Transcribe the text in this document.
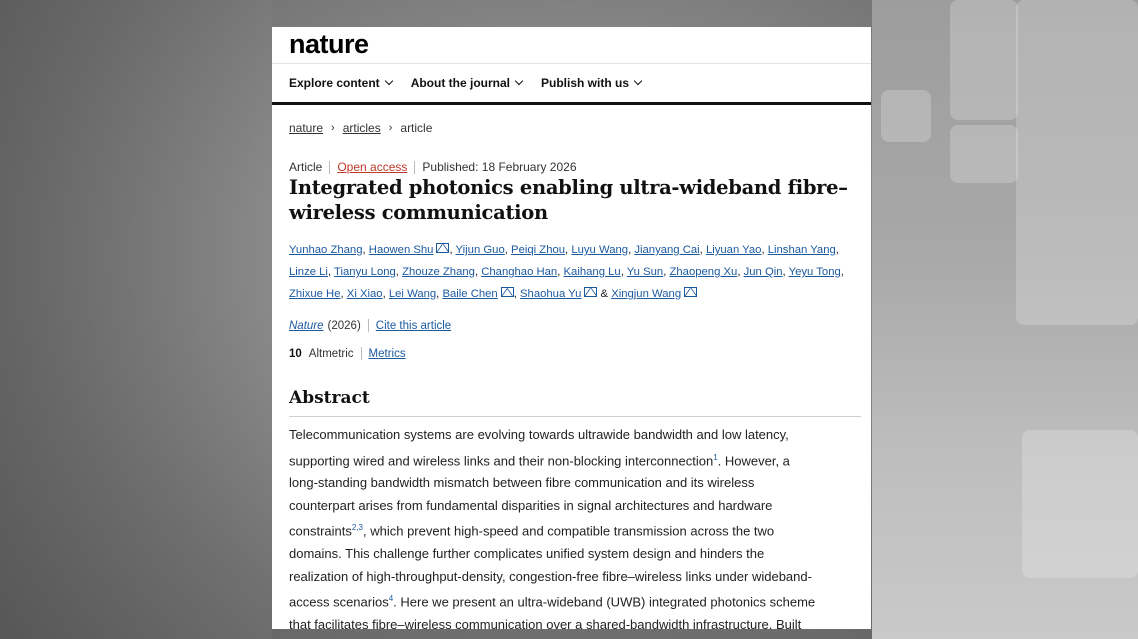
nature
Explore content	About the journal	Publish with us
nature › articles › article
Article Open access Published: 18 February 2026
Integrated photonics enabling ultra-wideband fibre–wireless communication
Yunhao Zhang, Haowen Shu , Yijun Guo, Peiqi Zhou, Luyu Wang, Jianyang Cai, Liyuan Yao, Linshan Yang,
Linze Li, Tianyu Long, Zhouze Zhang, Changhao Han, Kaihang Lu, Yu Sun, Zhaopeng Xu, Jun Qin, Yeyu Tong,
Zhixue He, Xi Xiao, Lei Wang, Baile Chen , Shaohua Yu & Xingjun Wang
Nature (2026) Cite this article
10 Altmetric Metrics
Abstract
Telecommunication systems are evolving towards ultrawide bandwidth and low latency,
supporting wired and wireless links and their non-blocking interconnection$^1$. However, a
long-standing bandwidth mismatch between fibre communication and its wireless
counterpart arises from fundamental disparities in signal architectures and hardware
constraints$^{2,3}$, which prevent high-speed and compatible transmission across the two
domains. This challenge further complicates unified system design and hinders the
realization of high-throughput-density, congestion-free fibre–wireless links under wideband-
access scenarios$^4$. Here we present an ultra-wideband (UWB) integrated photonics scheme
that facilitates fibre–wireless communication over a shared-bandwidth infrastructure. Built
